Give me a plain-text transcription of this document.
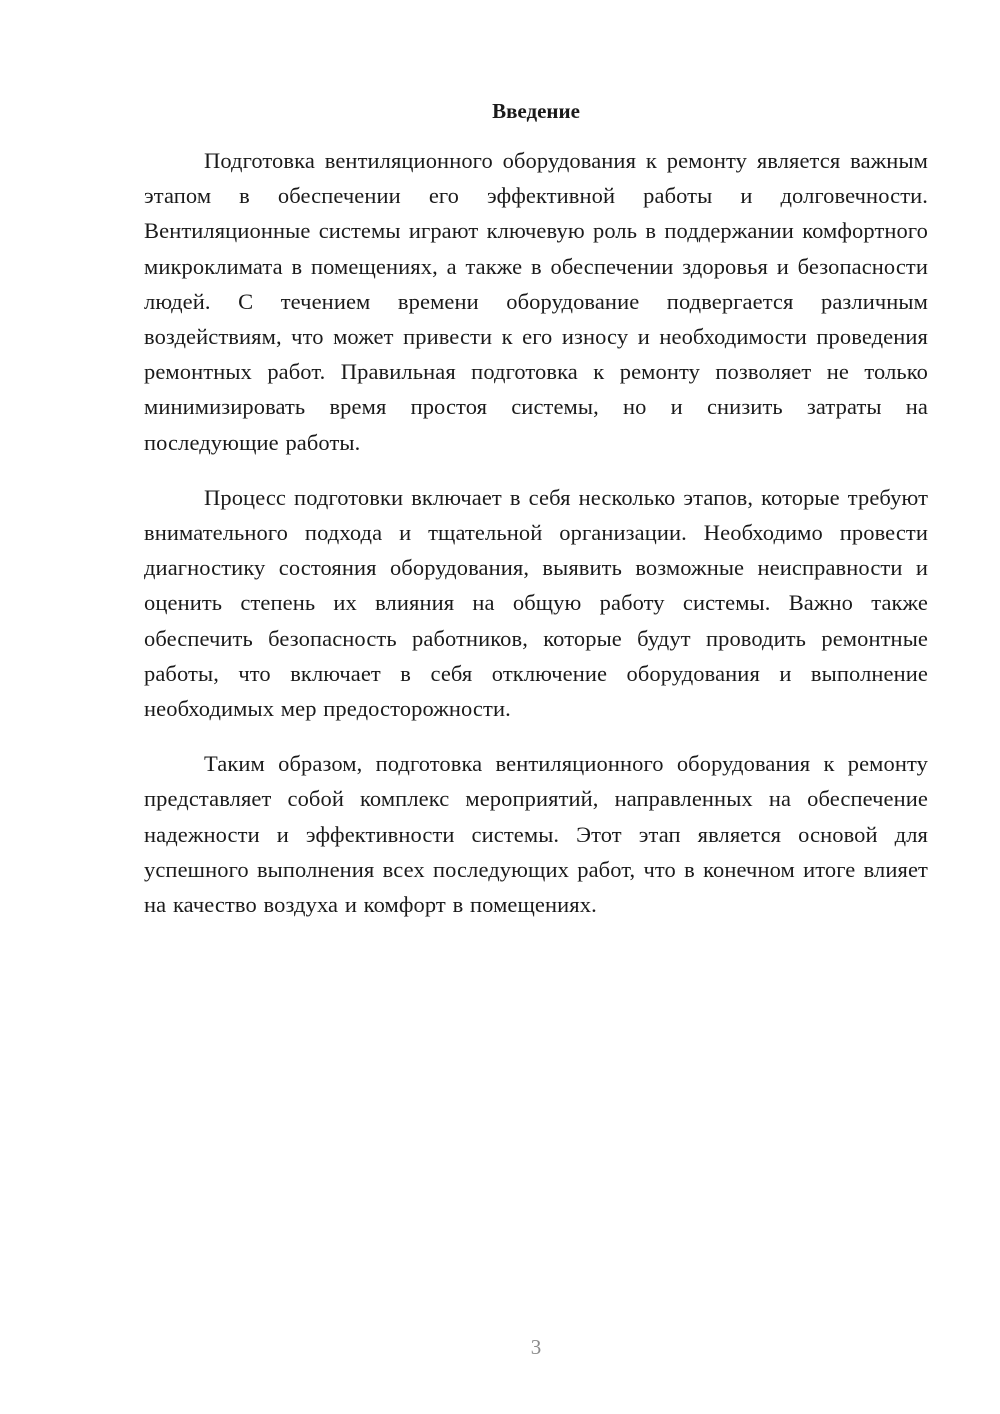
Введение

Подготовка вентиляционного оборудования к ремонту является важным этапом в обеспечении его эффективной работы и долговечности. Вентиляционные системы играют ключевую роль в поддержании комфортного микроклимата в помещениях, а также в обеспечении здоровья и безопасности людей. С течением времени оборудование подвергается различным воздействиям, что может привести к его износу и необходимости проведения ремонтных работ. Правильная подготовка к ремонту позволяет не только минимизировать время простоя системы, но и снизить затраты на последующие работы.

Процесс подготовки включает в себя несколько этапов, которые требуют внимательного подхода и тщательной организации. Необходимо провести диагностику состояния оборудования, выявить возможные неисправности и оценить степень их влияния на общую работу системы. Важно также обеспечить безопасность работников, которые будут проводить ремонтные работы, что включает в себя отключение оборудования и выполнение необходимых мер предосторожности.

Таким образом, подготовка вентиляционного оборудования к ремонту представляет собой комплекс мероприятий, направленных на обеспечение надежности и эффективности системы. Этот этап является основой для успешного выполнения всех последующих работ, что в конечном итоге влияет на качество воздуха и комфорт в помещениях.

3
